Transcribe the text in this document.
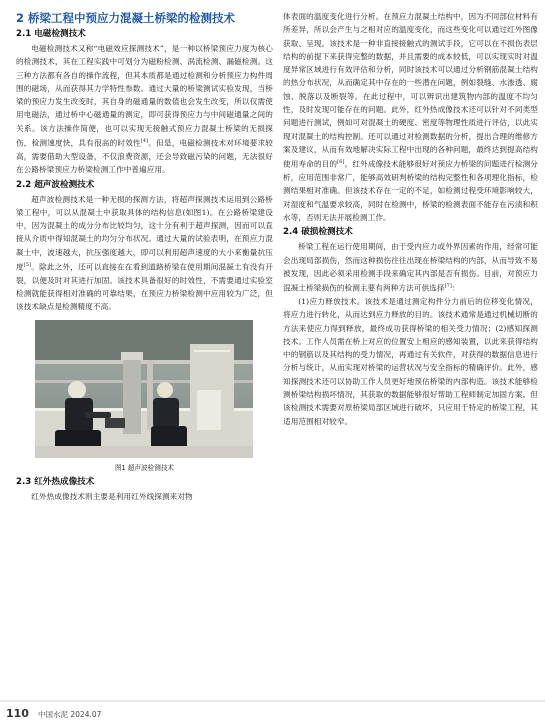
2 桥梁工程中预应力混凝土桥梁的检测技术
2.1 电磁检测技术

电磁检测技术又称“电磁效应探测技术”，是一种以桥梁预应力度为核心的检测技术，其在工程实践中可划分为磁粉检测、涡流检测、漏磁检测。这三种方法都有各自的操作流程，但其本质都是通过检测和分析预应力构件周围的磁场，从而获得其力学特性参数。通过大量的桥梁测试实验发现，当桥梁的预应力发生改变时，其自身的磁通量的数值也会发生改变，所以仅需使用电磁法，通过桥中心磁通量的测定，即可获得预应力与中间磁通量之间的关系。该方法操作简便，也可以实现无接触式预应力混凝土桥梁的无损探伤，检测速度快，具有很高的时效性[4]。但是，电磁检测技术对环境要求较高，需要借助大型设备，不仅浪费资源，还会导致磁污染的问题，无法很好在公路桥梁预应力桥梁检测工作中普遍应用。

2.2 超声波检测技术

超声波检测技术是一种无损的探测方法，将超声探测技术运用到公路桥梁工程中，可以从混凝土中获取具体的结构信息(如图1)。在公路桥梁建设中，因为混凝土的成分分布比较均匀，这十分有利于超声探测，因而可以直接从介质中得知混凝土的均匀分布状况。通过大量的试验表明，在预应力混凝土中，波速越大，抗压强度越大，即可以利用超声速度的大小来衡量抗压度[5]。除此之外，还可以直接在在看到道路桥梁在使用期间混凝土有没有开裂，以便及时对其进行加固。该技术具备很好的时效性，不需要通过实验室检测就能获得相对准确的可靠结果，在预应力桥梁检测中应用较为广泛，但该技术缺点是检测精度不高。

图1 超声波检测技术
2.3 红外热成像技术

红外热成像技术则主要是利用红外线探测来对物

体表面的温度变化进行分析。在预应力混凝土结构中，因为不同部位材料有所差异，所以会产生与之相对应的温度变化，而这些变化可以通过红外图像获取、呈现。该技术是一种非直接接触式的测试手段，它可以在不损伤表层结构的前提下来获得完整的数据，并且需要的成本较低，可以实现实时对温度异常区域进行有效评估和分析，同时该技术可以通过分析钢筋混凝土结构的热分布状况，从而确定其中存在的一些潜在问题，例如裂缝、水渗透、腐蚀、脱落以及断裂等。在此过程中，可以辨识出建筑物内部的温度不均匀性，及时发现可能存在的问题。此外，红外热成像技术还可以针对不同类型问题进行测试，例如可对混凝土的硬度、密度等物理性质进行评估，以此实现对混凝土的结构控制。还可以通过对检测数据的分析，提出合理的维修方案及建议，从而有效地解决实际工程中出现的各种问题，最终达到提高结构使用寿命的目的[6]。红外成像技术能够很好对预应力桥梁的问题进行检测分析，应用范围非常广，能够高效研判桥梁的结构完整性和各项理化指标，检测结果相对准确。但该技术存在一定的不足，如检测过程受环境影响较大，对湿度和气温要求较高，同时在检测中，桥梁的检测表面不能存在污渍和积水等，否则无法开展检测工作。

2.4 破损检测技术

桥梁工程在运行使用期间，由于受内应力或外界因素的作用，经常可能会出现局部损伤，然而这种损伤往往出现在桥梁结构的内部，从而导致不易被发现，因此必须采用检测手段来确定其内部是否有损伤。目前，对预应力混凝土桥梁损伤的检测主要有两种方法可供选择[7]：

(1)应力释放技术。该技术是通过测定构件分力前后的位移变化情况，将应力进行转化，从而达到应力释放的目的。该技术通常是通过机械切断的方法来使应力得到释放，最终成功获得桥梁的相关受力情况；(2)感知探测技术。工作人员需在桥上对应的位置安上相应的感知装置，以此来获得结构中的钢筋以及其结构的受力情况，再通过有关软件，对获得的数据信息进行分析与统计，从而实现对桥梁的运营状况与安全指标的精确评价。此外，感知探测技术还可以协助工作人员更好地预估桥梁的内部构造。该技术能够检测桥梁结构损坏情况，其获取的数据能够很好帮助工程师制定加固方案。但该检测技术需要对原桥梁局部区域进行破坏，只应用于特定的桥梁工程，其适用范围相对较窄。

110 中国水泥 2024.07
